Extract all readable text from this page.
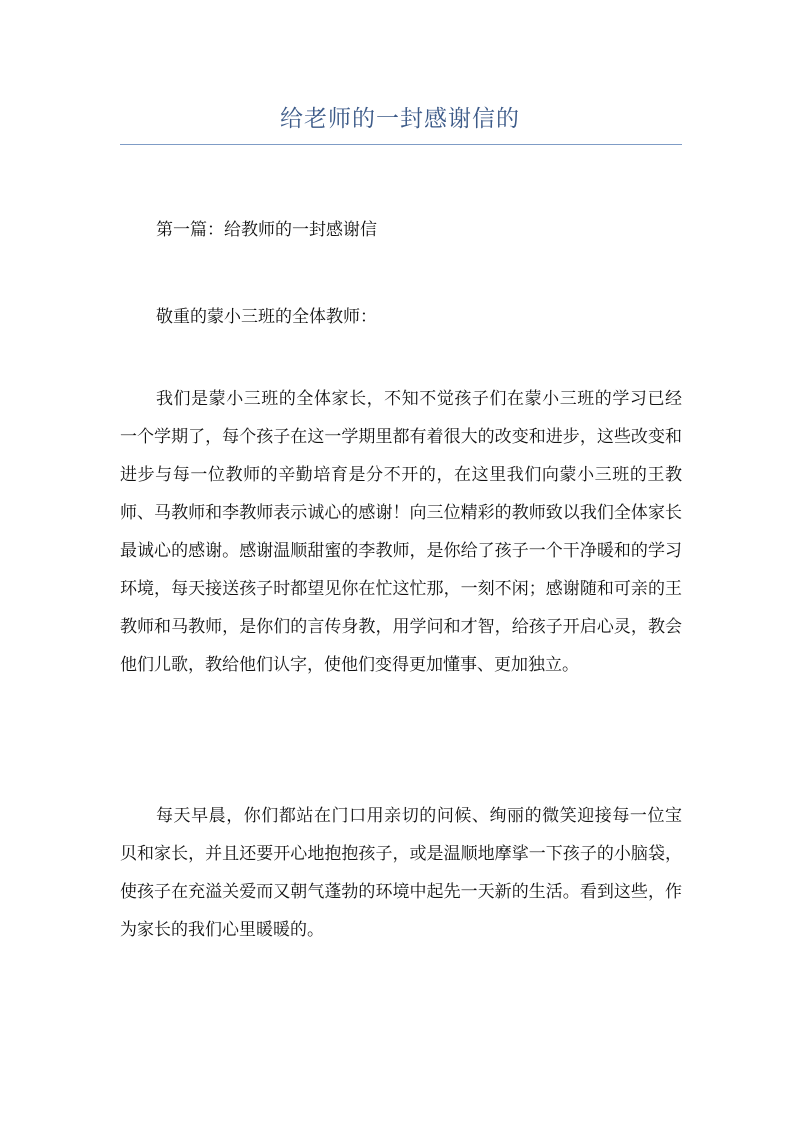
给老师的一封感谢信的

第一篇：给教师的一封感谢信

敬重的蒙小三班的全体教师：

我们是蒙小三班的全体家长，不知不觉孩子们在蒙小三班的学习已经一个学期了，每个孩子在这一学期里都有着很大的改变和进步，这些改变和进步与每一位教师的辛勤培育是分不开的，在这里我们向蒙小三班的王教师、马教师和李教师表示诚心的感谢！向三位精彩的教师致以我们全体家长最诚心的感谢。感谢温顺甜蜜的李教师，是你给了孩子一个干净暖和的学习环境，每天接送孩子时都望见你在忙这忙那，一刻不闲；感谢随和可亲的王教师和马教师，是你们的言传身教，用学问和才智，给孩子开启心灵，教会他们儿歌，教给他们认字，使他们变得更加懂事、更加独立。

每天早晨，你们都站在门口用亲切的问候、绚丽的微笑迎接每一位宝贝和家长，并且还要开心地抱抱孩子，或是温顺地摩挲一下孩子的小脑袋，使孩子在充溢关爱而又朝气蓬勃的环境中起先一天新的生活。看到这些，作为家长的我们心里暖暖的。
